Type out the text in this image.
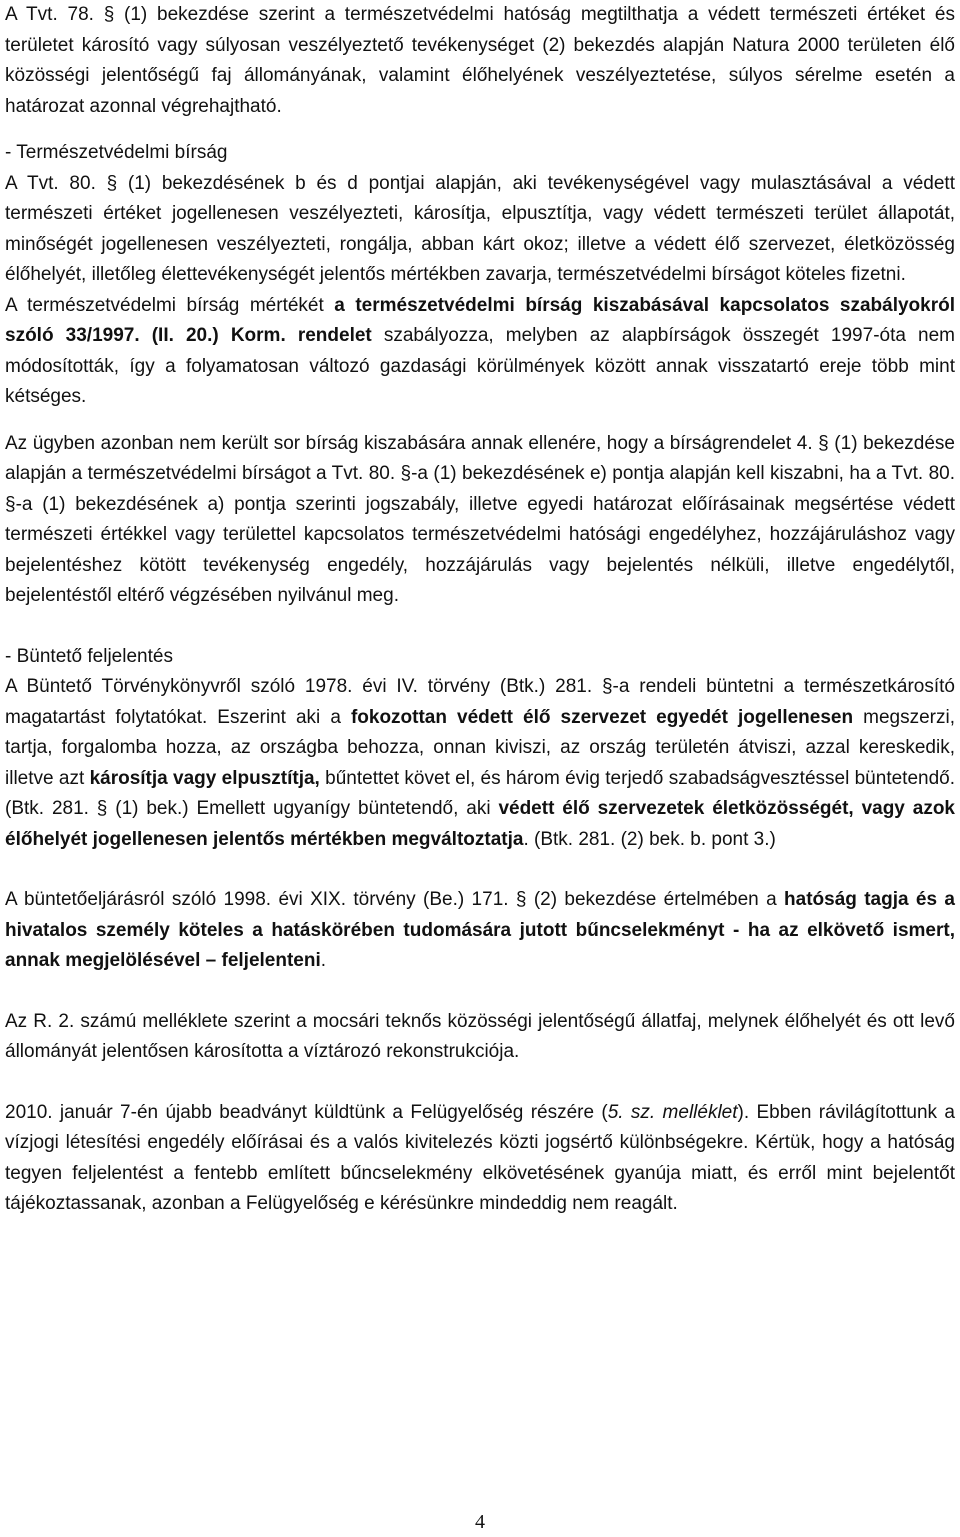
A Tvt. 78. § (1) bekezdése szerint a természetvédelmi hatóság megtilthatja a védett természeti értéket és területet károsító vagy súlyosan veszélyeztető tevékenységet (2) bekezdés alapján Natura 2000 területen élő közösségi jelentőségű faj állományának, valamint élőhelyének veszélyeztetése, súlyos sérelme esetén a határozat azonnal végrehajtható.

- Természetvédelmi bírság

A Tvt. 80. § (1) bekezdésének b és d pontjai alapján, aki tevékenységével vagy mulasztásával a védett természeti értéket jogellenesen veszélyezteti, károsítja, elpusztítja, vagy védett természeti terület állapotát, minőségét jogellenesen veszélyezteti, rongálja, abban kárt okoz; illetve a védett élő szervezet, életközösség élőhelyét, illetőleg élettevékenységét jelentős mértékben zavarja, természetvédelmi bírságot köteles fizetni.

A természetvédelmi bírság mértékét a természetvédelmi bírság kiszabásával kapcsolatos szabályokról szóló 33/1997. (II. 20.) Korm. rendelet szabályozza, melyben az alapbírságok összegét 1997-óta nem módosították, így a folyamatosan változó gazdasági körülmények között annak visszatartó ereje több mint kétséges.

Az ügyben azonban nem került sor bírság kiszabására annak ellenére, hogy a bírságrendelet 4. § (1) bekezdése alapján a természetvédelmi bírságot a Tvt. 80. §-a (1) bekezdésének e) pontja alapján kell kiszabni, ha a Tvt. 80. §-a (1) bekezdésének a) pontja szerinti jogszabály, illetve egyedi határozat előírásainak megsértése védett természeti értékkel vagy területtel kapcsolatos természetvédelmi hatósági engedélyhez, hozzájáruláshoz vagy bejelentéshez kötött tevékenység engedély, hozzájárulás vagy bejelentés nélküli, illetve engedélytől, bejelentéstől eltérő végzésében nyilvánul meg.

- Büntető feljelentés

A Büntető Törvénykönyvről szóló 1978. évi IV. törvény (Btk.) 281. §-a rendeli büntetni a természetkárosító magatartást folytatókat. Eszerint aki a fokozottan védett élő szervezet egyedét jogellenesen megszerzi, tartja, forgalomba hozza, az országba behozza, onnan kiviszi, az ország területén átviszi, azzal kereskedik, illetve azt károsítja vagy elpusztítja, bűntettet követ el, és három évig terjedő szabadságvesztéssel büntetendő. (Btk. 281. § (1) bek.) Emellett ugyanígy büntetendő, aki védett élő szervezetek életközösségét, vagy azok élőhelyét jogellenesen jelentős mértékben megváltoztatja. (Btk. 281. (2) bek. b. pont 3.)

A büntetőeljárásról szóló 1998. évi XIX. törvény (Be.) 171. § (2) bekezdése értelmében a hatóság tagja és a hivatalos személy köteles a hatáskörében tudomására jutott bűncselekményt - ha az elkövető ismert, annak megjelölésével – feljelenteni.

Az R. 2. számú melléklete szerint a mocsári teknős közösségi jelentőségű állatfaj, melynek élőhelyét és ott levő állományát jelentősen károsította a víztározó rekonstrukciója.

2010. január 7-én újabb beadványt küldtünk a Felügyelőség részére (5. sz. melléklet). Ebben rávilágítottunk a vízjogi létesítési engedély előírásai és a valós kivitelezés közti jogsértő különbségekre. Kértük, hogy a hatóság tegyen feljelentést a fentebb említett bűncselekmény elkövetésének gyanúja miatt, és erről mint bejelentőt tájékoztassanak, azonban a Felügyelőség e kérésünkre mindeddig nem reagált.

4
